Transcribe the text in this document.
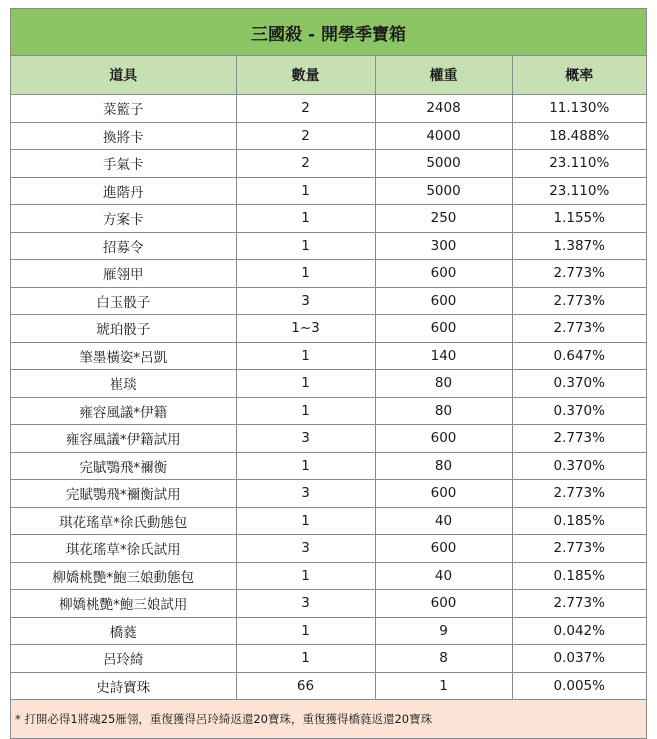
三國殺 - 開學季寶箱
道具	數量	權重	概率
菜籃子	2	2408	11.130%
換將卡	2	4000	18.488%
手氣卡	2	5000	23.110%
進階丹	1	5000	23.110%
方案卡	1	250	1.155%
招募令	1	300	1.387%
雁翎甲	1	600	2.773%
白玉骰子	3	600	2.773%
琥珀骰子	1~3	600	2.773%
筆墨橫姿*呂凱	1	140	0.647%
崔琰	1	80	0.370%
雍容風議*伊籍	1	80	0.370%
雍容風議*伊籍試用	3	600	2.773%
完賦鶚飛*禰衡	1	80	0.370%
完賦鶚飛*禰衡試用	3	600	2.773%
琪花瑤草*徐氏動態包	1	40	0.185%
琪花瑤草*徐氏試用	3	600	2.773%
柳嬌桃艷*鮑三娘動態包	1	40	0.185%
柳嬌桃艷*鮑三娘試用	3	600	2.773%
橋蕤	1	9	0.042%
呂玲綺	1	8	0.037%
史詩寶珠	66	1	0.005%
* 打開必得1將魂25雁翎，重復獲得呂玲綺返還20寶珠，重復獲得橋蕤返還20寶珠
